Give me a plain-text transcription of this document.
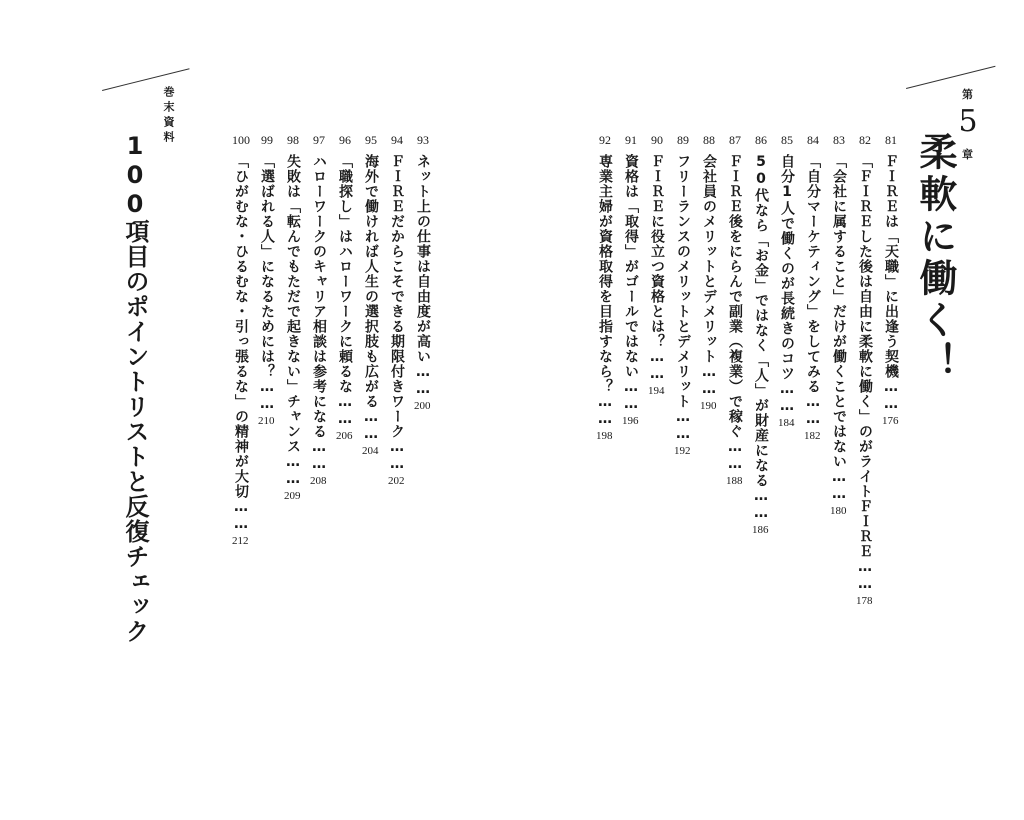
第
5
章
柔軟に働く！
81
ＦＩＲＥは「天職」に出逢う契機……
176
82
「ＦＩＲＥした後は自由に柔軟に働く」のがライトＦＩＲＥ……
178
83
「会社に属すること」だけが働くことではない……
180
84
「自分マーケティング」をしてみる……
182
85
自分1人で働くのが長続きのコツ……
184
86
50代なら「お金」ではなく「人」が財産になる……
186
87
ＦＩＲＥ後をにらんで副業（複業）で稼ぐ……
188
88
会社員のメリットとデメリット……
190
89
フリーランスのメリットとデメリット……
192
90
ＦＩＲＥに役立つ資格とは？……
194
91
資格は「取得」がゴールではない……
196
92
専業主婦が資格取得を目指すなら？……
198
93
ネット上の仕事は自由度が高い……
200
94
ＦＩＲＥだからこそできる期限付きワーク……
202
95
海外で働ければ人生の選択肢も広がる……
204
96
「職探し」はハローワークに頼るな……
206
97
ハローワークのキャリア相談は参考になる……
208
98
失敗は「転んでもただで起きない」チャンス……
209
99
「選ばれる人」になるためには？……
210
100
「ひがむな・ひるむな・引っ張るな」の精神が大切……
212
巻末資料
100項目のポイントリストと反復チェック
